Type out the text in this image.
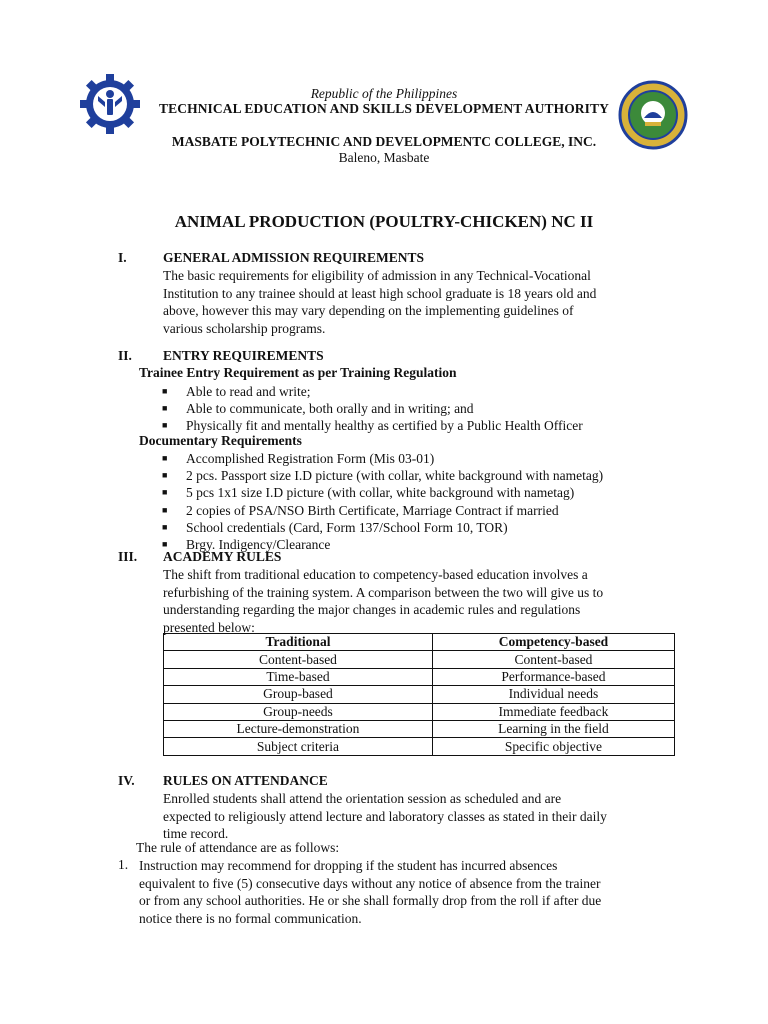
Republic of the Philippines
TECHNICAL EDUCATION AND SKILLS DEVELOPMENT AUTHORITY
MASBATE POLYTECHNIC AND DEVELOPMENTC COLLEGE, INC.
Baleno, Masbate
ANIMAL PRODUCTION (POULTRY-CHICKEN) NC II
I.	GENERAL ADMISSION REQUIREMENTS
The basic requirements for eligibility of admission in any Technical-Vocational
Institution to any trainee should at least high school graduate is 18 years old and
above, however this may vary depending on the implementing guidelines of
various scholarship programs.
II. ENTRY REQUIREMENTS
Trainee Entry Requirement as per Training Regulation
■ Able to read and write;
■ Able to communicate, both orally and in writing; and
■ Physically fit and mentally healthy as certified by a Public Health Officer
Documentary Requirements
■ Accomplished Registration Form (Mis 03-01)
■ 2 pcs. Passport size I.D picture (with collar, white background with nametag)
■ 5 pcs 1x1 size I.D picture (with collar, white background with nametag)
■ 2 copies of PSA/NSO Birth Certificate, Marriage Contract if married
■ School credentials (Card, Form 137/School Form 10, TOR)
■ Brgy. Indigency/Clearance
III. ACADEMY RULES
The shift from traditional education to competency-based education involves a
refurbishing of the training system. A comparison between the two will give us to
understanding regarding the major changes in academic rules and regulations
presented below:
Traditional	Competency-based
Content-based	Content-based
Time-based	Performance-based
Group-based	Individual needs
Group-needs	Immediate feedback
Lecture-demonstration	Learning in the field
Subject criteria	Specific objective
IV. RULES ON ATTENDANCE
Enrolled students shall attend the orientation session as scheduled and are
expected to religiously attend lecture and laboratory classes as stated in their daily
time record.
The rule of attendance are as follows:
1. Instruction may recommend for dropping if the student has incurred absences
equivalent to five (5) consecutive days without any notice of absence from the trainer
or from any school authorities. He or she shall formally drop from the roll if after due
notice there is no formal communication.
